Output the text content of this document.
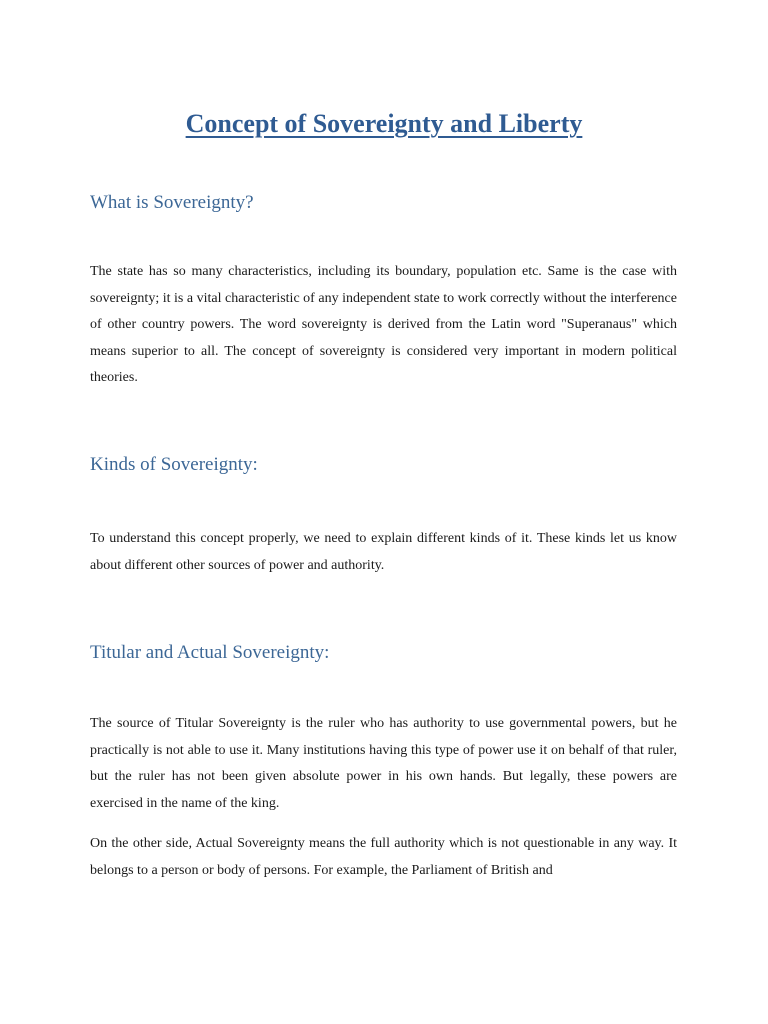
Concept of Sovereignty and Liberty
What is Sovereignty?

The state has so many characteristics, including its boundary, population etc. Same is the case with sovereignty; it is a vital characteristic of any independent state to work correctly without the interference of other country powers. The word sovereignty is derived from the Latin word "Superanaus" which means superior to all. The concept of sovereignty is considered very important in modern political theories.

Kinds of Sovereignty:

To understand this concept properly, we need to explain different kinds of it. These kinds let us know about different other sources of power and authority.

Titular and Actual Sovereignty:

The source of Titular Sovereignty is the ruler who has authority to use governmental powers, but he practically is not able to use it. Many institutions having this type of power use it on behalf of that ruler, but the ruler has not been given absolute power in his own hands. But legally, these powers are exercised in the name of the king.

On the other side, Actual Sovereignty means the full authority which is not questionable in any way. It belongs to a person or body of persons. For example, the Parliament of British and
